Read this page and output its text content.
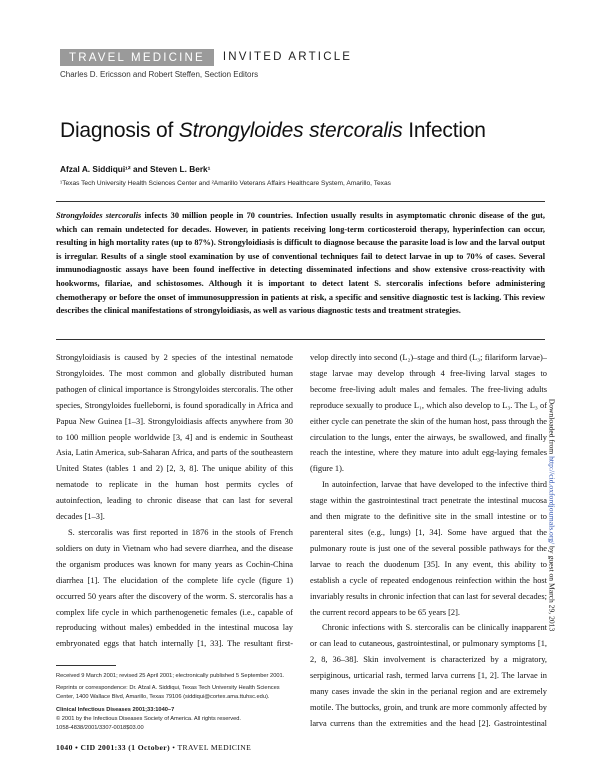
TRAVEL MEDICINE	INVITED ARTICLE
Charles D. Ericsson and Robert Steffen, Section Editors
Diagnosis of Strongyloides stercoralis Infection
Afzal A. Siddiqui¹² and Steven L. Berk¹
¹Texas Tech University Health Sciences Center and ²Amarillo Veterans Affairs Healthcare System, Amarillo, Texas
Strongyloides stercoralis infects 30 million people in 70 countries. Infection usually results in asymptomatic chronic disease of the gut, which can remain undetected for decades. However, in patients receiving long-term corticosteroid therapy, hyperinfection can occur, resulting in high mortality rates (up to 87%). Strongyloidiasis is difficult to diagnose because the parasite load is low and the larval output is irregular. Results of a single stool examination by use of conventional techniques fail to detect larvae in up to 70% of cases. Several immunodiagnostic assays have been found ineffective in detecting disseminated infections and show extensive cross-reactivity with hookworms, filariae, and schistosomes. Although it is important to detect latent S. stercoralis infections before administering chemotherapy or before the onset of immunosuppression in patients at risk, a specific and sensitive diagnostic test is lacking. This review describes the clinical manifestations of strongyloidiasis, as well as various diagnostic tests and treatment strategies.

Strongyloidiasis is caused by 2 species of the intestinal nematode Strongyloides. The most common and globally distributed human pathogen of clinical importance is Strongyloides stercoralis. The other species, Strongyloides fuelleborni, is found sporadically in Africa and Papua New Guinea [1–3]. Strongyloidiasis affects anywhere from 30 to 100 million people worldwide [3, 4] and is endemic in Southeast Asia, Latin America, sub-Saharan Africa, and parts of the southeastern United States (tables 1 and 2) [2, 3, 8]. The unique ability of this nematode to replicate in the human host permits cycles of autoinfection, leading to chronic disease that can last for several decades [1–3].

S. stercoralis was first reported in 1876 in the stools of French soldiers on duty in Vietnam who had severe diarrhea, and the disease the organism produces was known for many years as Cochin-China diarrhea [1]. The elucidation of the complete life cycle (figure 1) occurred 50 years after the discovery of the worm. S. stercoralis has a complex life cycle in which parthenogenetic females (i.e., capable of reproducing without males) embedded in the intestinal mucosa lay embryonated eggs that hatch internally [1, 33]. The resultant first-

velop directly into second (L₂)–stage and third (L₃; filariform larvae)–stage larvae may develop through 4 free-living larval stages to become free-living adult males and females. The free-living adults reproduce sexually to produce L₁, which also develop to L₃. The L₃ of either cycle can penetrate the skin of the human host, pass through the circulation to the lungs, enter the airways, be swallowed, and finally reach the intestine, where they mature into adult egg-laying females (figure 1).

In autoinfection, larvae that have developed to the infective third stage within the gastrointestinal tract penetrate the intestinal mucosa and then migrate to the definitive site in the small intestine or to parenteral sites (e.g., lungs) [1, 34]. Some have argued that the pulmonary route is just one of the several possible pathways for the larvae to reach the duodenum [35]. In any event, this ability to establish a cycle of repeated endogenous reinfection within the host invariably results in chronic infection that can last for several decades; the current record appears to be 65 years [2].

Chronic infections with S. stercoralis can be clinically inapparent or can lead to cutaneous, gastrointestinal, or pulmonary symptoms [1, 2, 8, 36–38]. Skin involvement is characterized by a migratory, serpiginous, urticarial rash, termed larva currens [1, 2]. The larvae in many cases invade the skin in the perianal region and are extremely motile. The buttocks, groin, and trunk are more commonly affected by larva currens than the extremities and the head [2]. Gastrointestinal

Received 9 March 2001; revised 25 April 2001; electronically published 5 September 2001.

Reprints or correspondence: Dr. Afzal A. Siddiqui, Texas Tech University Health Sciences Center, 1400 Wallace Blvd, Amarillo, Texas 79106 (siddiqui@cortex.ama.ttuhsc.edu).

Clinical Infectious Diseases 2001;33:1040–7

© 2001 by the Infectious Diseases Society of America. All rights reserved.

1058-4838/2001/3307-0018$03.00

1040 • CID 2001:33 (1 October) • TRAVEL MEDICINE
Downloaded from http://cid.oxfordjournals.org/ by guest on March 29, 2013
